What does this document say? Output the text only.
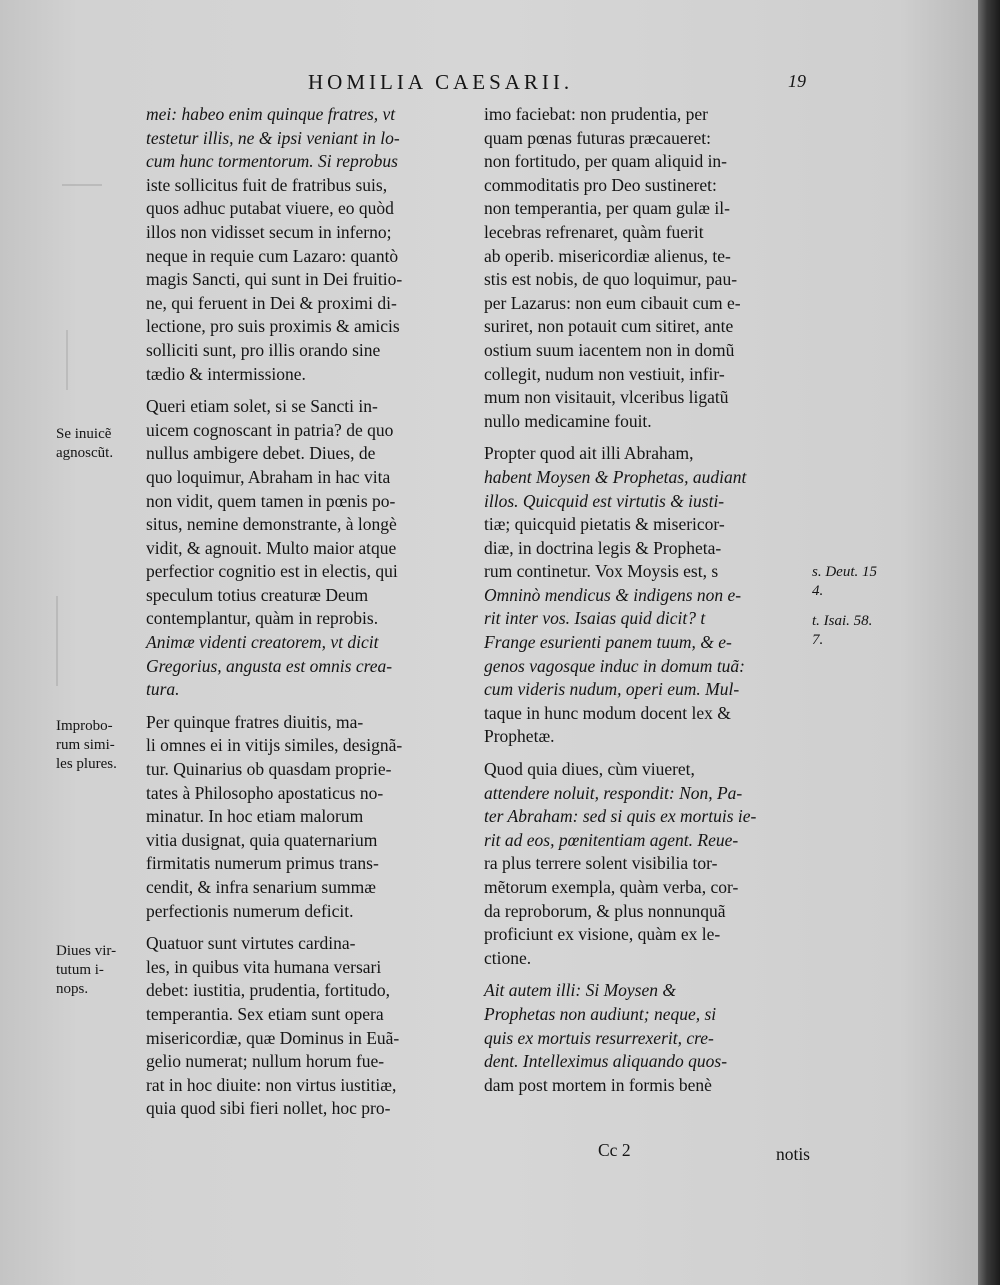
HOMILIA CAESARII.	19
mei: habeo enim quinque fratres, vt
testetur illis, ne & ipsi veniant in lo-
cum hunc tormentorum. Si reprobus
iste sollicitus fuit de fratribus suis,
quos adhuc putabat viuere, eo quòd
illos non vidisset secum in inferno;
neque in requie cum Lazaro: quantò
magis Sancti, qui sunt in Dei fruitio-
ne, qui feruent in Dei & proximi di-
lectione, pro suis proximis & amicis
solliciti sunt, pro illis orando sine
tædio & intermissione.
Queri etiam solet, si se Sancti in-
uicem cognoscant in patria? de quo
nullus ambigere debet. Diues, de
quo loquimur, Abraham in hac vita
non vidit, quem tamen in pœnis po-
situs, nemine demonstrante, à longè
vidit, & agnouit. Multo maior atque
perfectior cognitio est in electis, qui
speculum totius creaturæ Deum
contemplantur, quàm in reprobis.
Animæ videnti creatorem, vt dicit
Gregorius, angusta est omnis crea-
tura.
Per quinque fratres diuitis, ma-
li omnes ei in vitijs similes, designã-
tur. Quinarius ob quasdam proprie-
tates à Philosopho apostaticus no-
minatur. In hoc etiam malorum
vitia dusignat, quia quaternarium
firmitatis numerum primus trans-
cendit, & infra senarium summæ
perfectionis numerum deficit.
Quatuor sunt virtutes cardina-
les, in quibus vita humana versari
debet: iustitia, prudentia, fortitudo,
temperantia. Sex etiam sunt opera
misericordiæ, quæ Dominus in Euã-
gelio numerat; nullum horum fue-
rat in hoc diuite: non virtus iustitiæ,
quia quod sibi fieri nollet, hoc pro-
imo faciebat: non prudentia, per
quam pœnas futuras præcaueret:
non fortitudo, per quam aliquid in-
commoditatis pro Deo sustineret:
non temperantia, per quam gulæ il-
lecebras refrenaret, quàm fuerit
ab operib. misericordiæ alienus, te-
stis est nobis, de quo loquimur, pau-
per Lazarus: non eum cibauit cum e-
suriret, non potauit cum sitiret, ante
ostium suum iacentem non in domũ
collegit, nudum non vestiuit, infir-
mum non visitauit, vlceribus ligatũ
nullo medicamine fouit.
Propter quod ait illi Abraham,
habent Moysen & Prophetas, audiant
illos. Quicquid est virtutis & iusti-
tiæ; quicquid pietatis & misericor-
diæ, in doctrina legis & Propheta-
rum continetur. Vox Moysis est, s
Omninò mendicus & indigens non e-
rit inter vos. Isaias quid dicit? t
Frange esurienti panem tuum, & e-
genos vagosque induc in domum tuã:
cum videris nudum, operi eum. Mul-
taque in hunc modum docent lex &
Prophetæ.
Quod quia diues, cùm viueret,
attendere noluit, respondit: Non, Pa-
ter Abraham: sed si quis ex mortuis ie-
rit ad eos, pœnitentiam agent. Reue-
ra plus terrere solent visibilia tor-
mẽtorum exempla, quàm verba, cor-
da reproborum, & plus nonnunquã
proficiunt ex visione, quàm ex le-
ctione.
Ait autem illi: Si Moysen &
Prophetas non audiunt; neque, si
quis ex mortuis resurrexerit, cre-
dent. Intelleximus aliquando quos-
dam post mortem in formis benè
Cc 2	notis
Se inuicẽ
agnoscũt.
Improbo-
rum simi-
les plures.
Diues vir-
tutum i-
nops.
s. Deut. 15
4.
t. Isai. 58.
7.
